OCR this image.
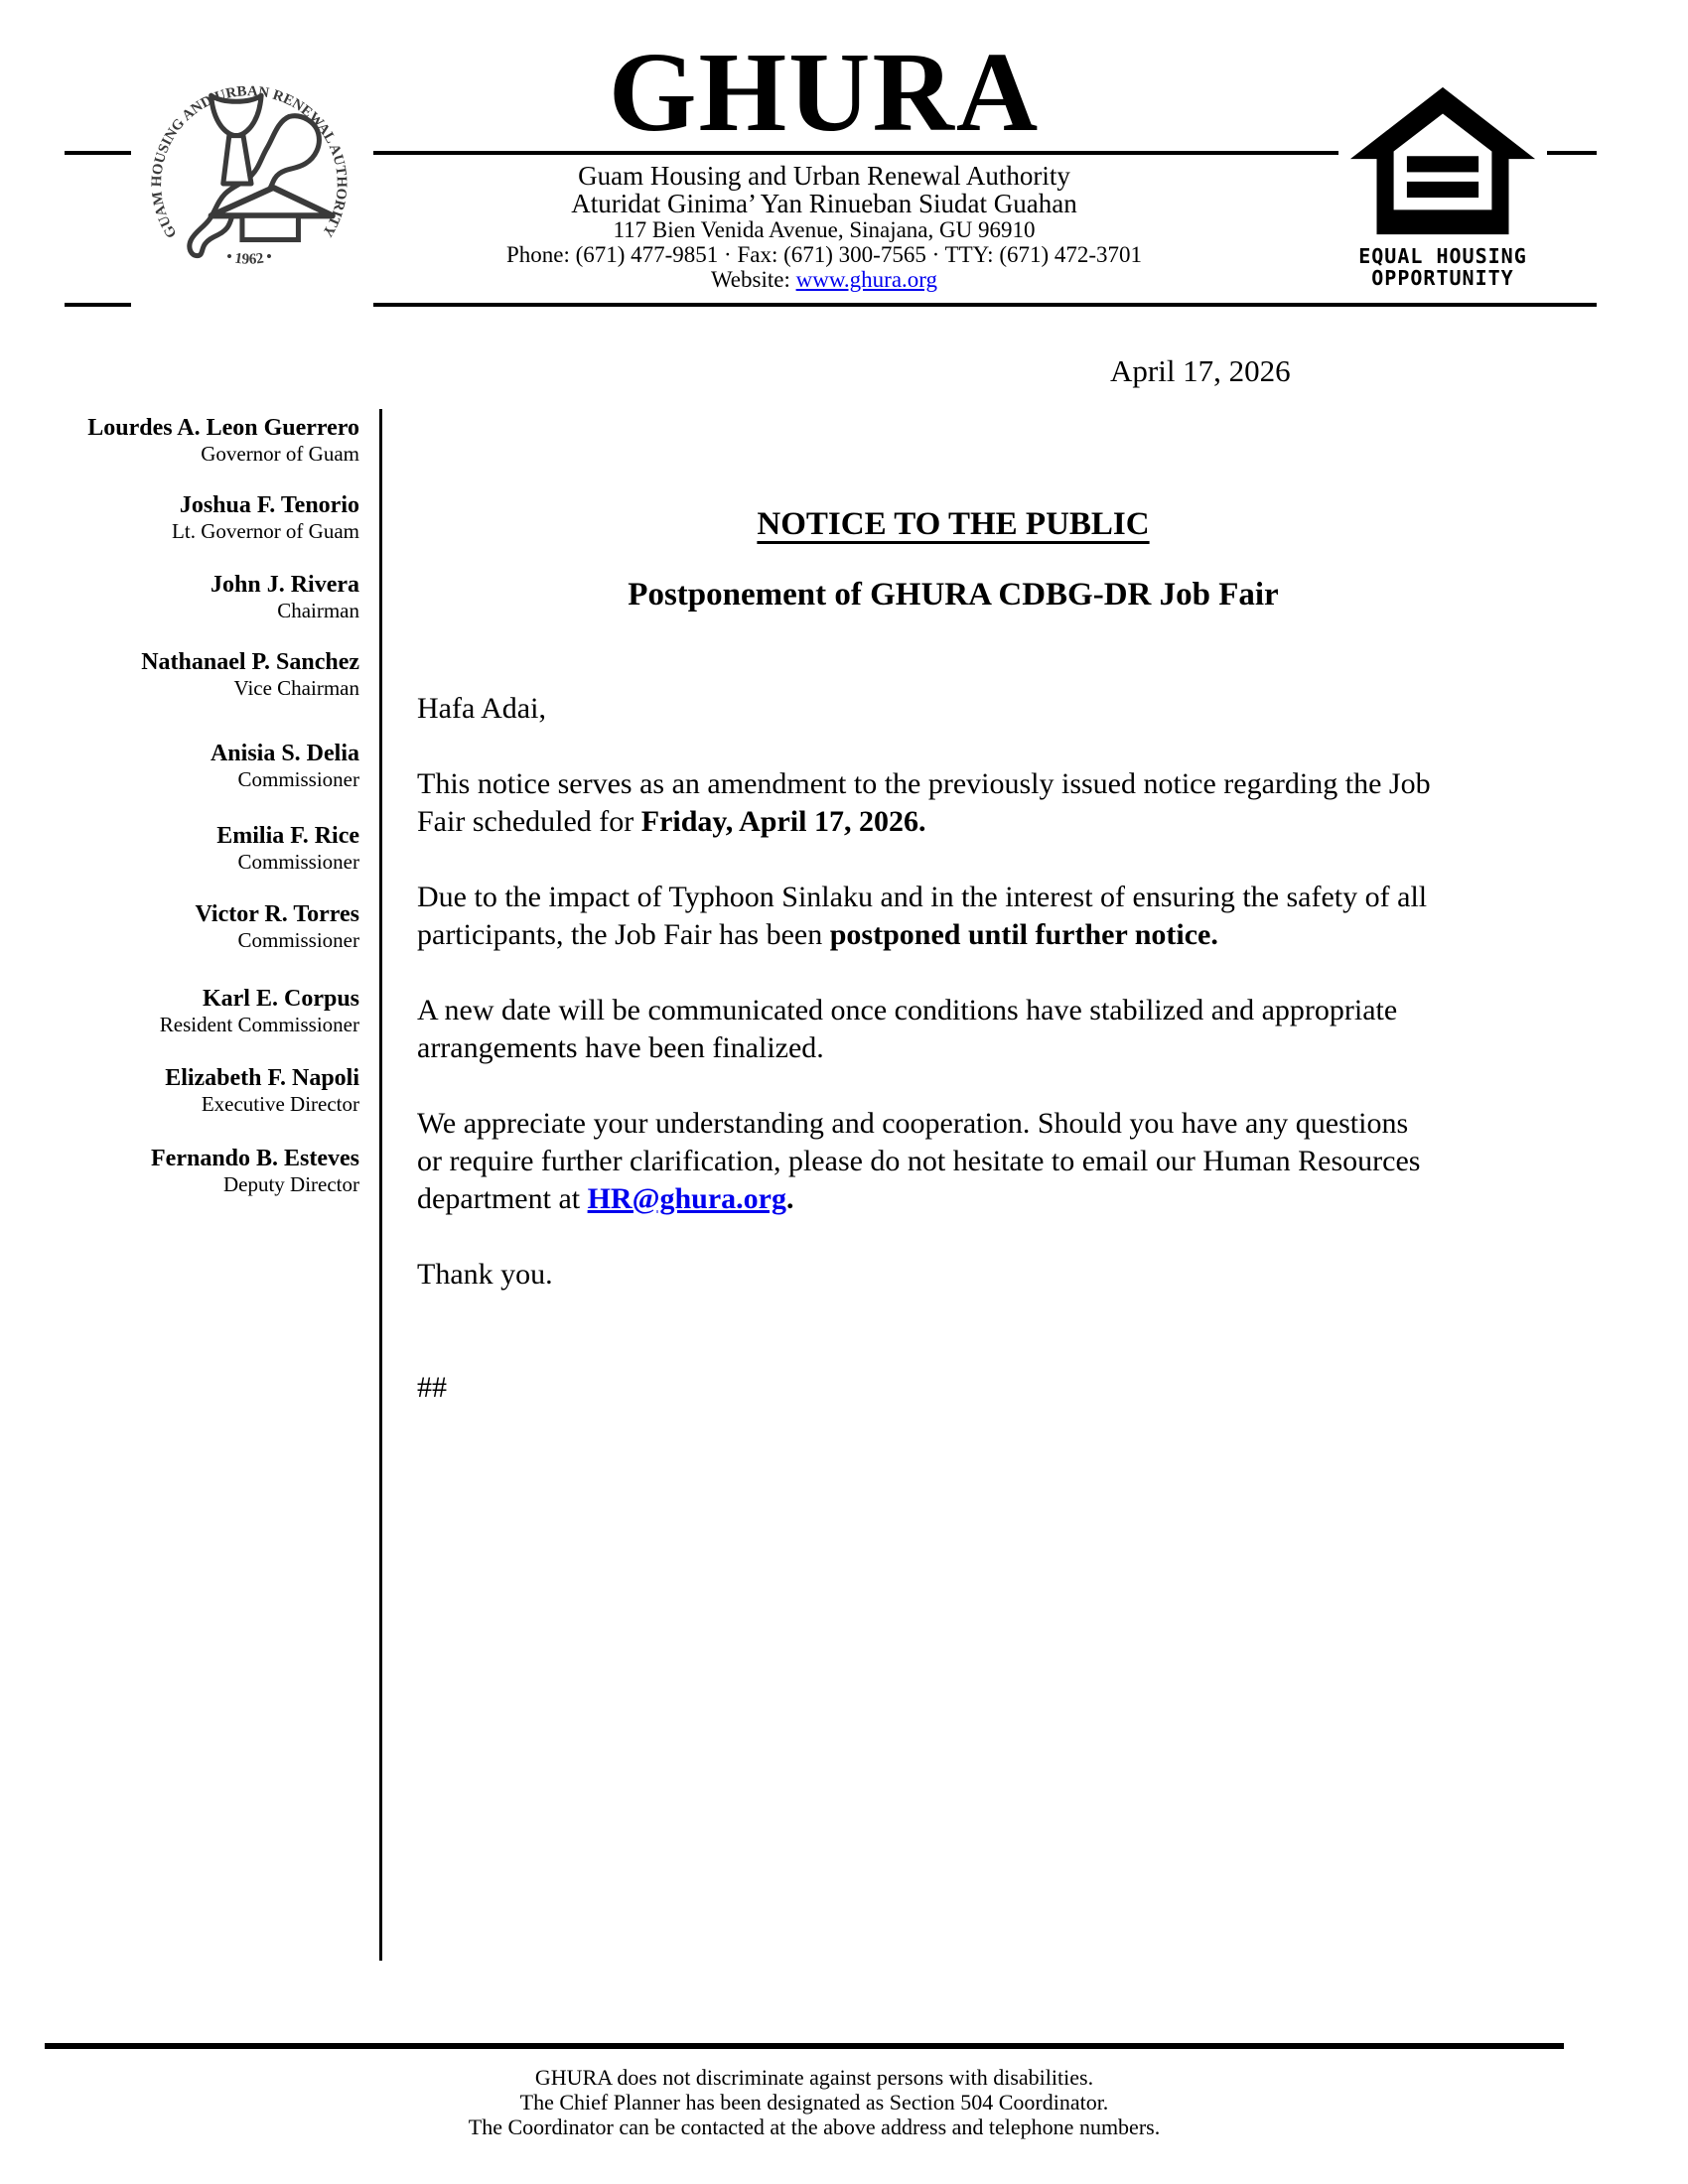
GUAM HOUSING AND URBAN RENEWAL AUTHORITY
• 1962 •
GHURA
Guam Housing and Urban Renewal Authority
Aturidat Ginima’ Yan Rinueban Siudat Guahan
117 Bien Venida Avenue, Sinajana, GU 96910
Phone: (671) 477-9851 · Fax: (671) 300-7565 · TTY: (671) 472-3701
Website: www.ghura.org
EQUAL HOUSING
OPPORTUNITY
Lourdes A. Leon Guerrero
Governor of Guam
Joshua F. Tenorio
Lt. Governor of Guam
John J. Rivera
Chairman
Nathanael P. Sanchez
Vice Chairman
Anisia S. Delia
Commissioner
Emilia F. Rice
Commissioner
Victor R. Torres
Commissioner
Karl E. Corpus
Resident Commissioner
Elizabeth F. Napoli
Executive Director
Fernando B. Esteves
Deputy Director
April 17, 2026
NOTICE TO THE PUBLIC
Postponement of GHURA CDBG-DR Job Fair

Hafa Adai,

This notice serves as an amendment to the previously issued notice regarding the Job
Fair scheduled for Friday, April 17, 2026.

Due to the impact of Typhoon Sinlaku and in the interest of ensuring the safety of all
participants, the Job Fair has been postponed until further notice.

A new date will be communicated once conditions have stabilized and appropriate
arrangements have been finalized.

We appreciate your understanding and cooperation. Should you have any questions
or require further clarification, please do not hesitate to email our Human Resources
department at HR@ghura.org.

Thank you.

##

GHURA does not discriminate against persons with disabilities.
The Chief Planner has been designated as Section 504 Coordinator.
The Coordinator can be contacted at the above address and telephone numbers.
